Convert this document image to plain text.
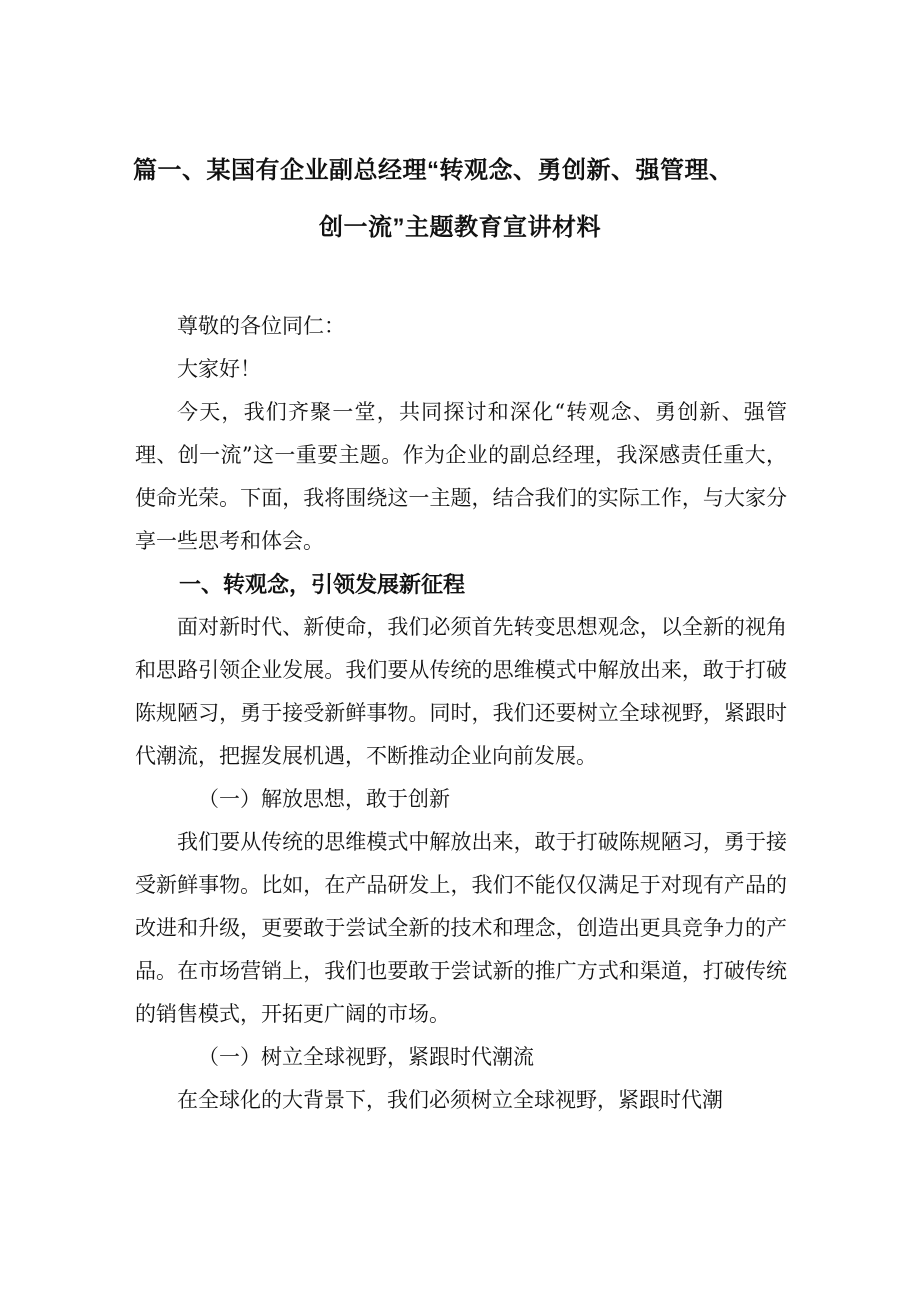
篇一、某国有企业副总经理“转观念、勇创新、强管理、
创一流”主题教育宣讲材料

尊敬的各位同仁：

大家好！

今天，我们齐聚一堂，共同探讨和深化“转观念、勇创新、强管理、创一流”这一重要主题。作为企业的副总经理，我深感责任重大，使命光荣。下面，我将围绕这一主题，结合我们的实际工作，与大家分享一些思考和体会。

一、转观念，引领发展新征程

面对新时代、新使命，我们必须首先转变思想观念，以全新的视角和思路引领企业发展。我们要从传统的思维模式中解放出来，敢于打破陈规陋习，勇于接受新鲜事物。同时，我们还要树立全球视野，紧跟时代潮流，把握发展机遇，不断推动企业向前发展。

（一）解放思想，敢于创新

我们要从传统的思维模式中解放出来，敢于打破陈规陋习，勇于接受新鲜事物。比如，在产品研发上，我们不能仅仅满足于对现有产品的改进和升级，更要敢于尝试全新的技术和理念，创造出更具竞争力的产品。在市场营销上，我们也要敢于尝试新的推广方式和渠道，打破传统的销售模式，开拓更广阔的市场。

（一）树立全球视野，紧跟时代潮流

在全球化的大背景下，我们必须树立全球视野，紧跟时代潮
